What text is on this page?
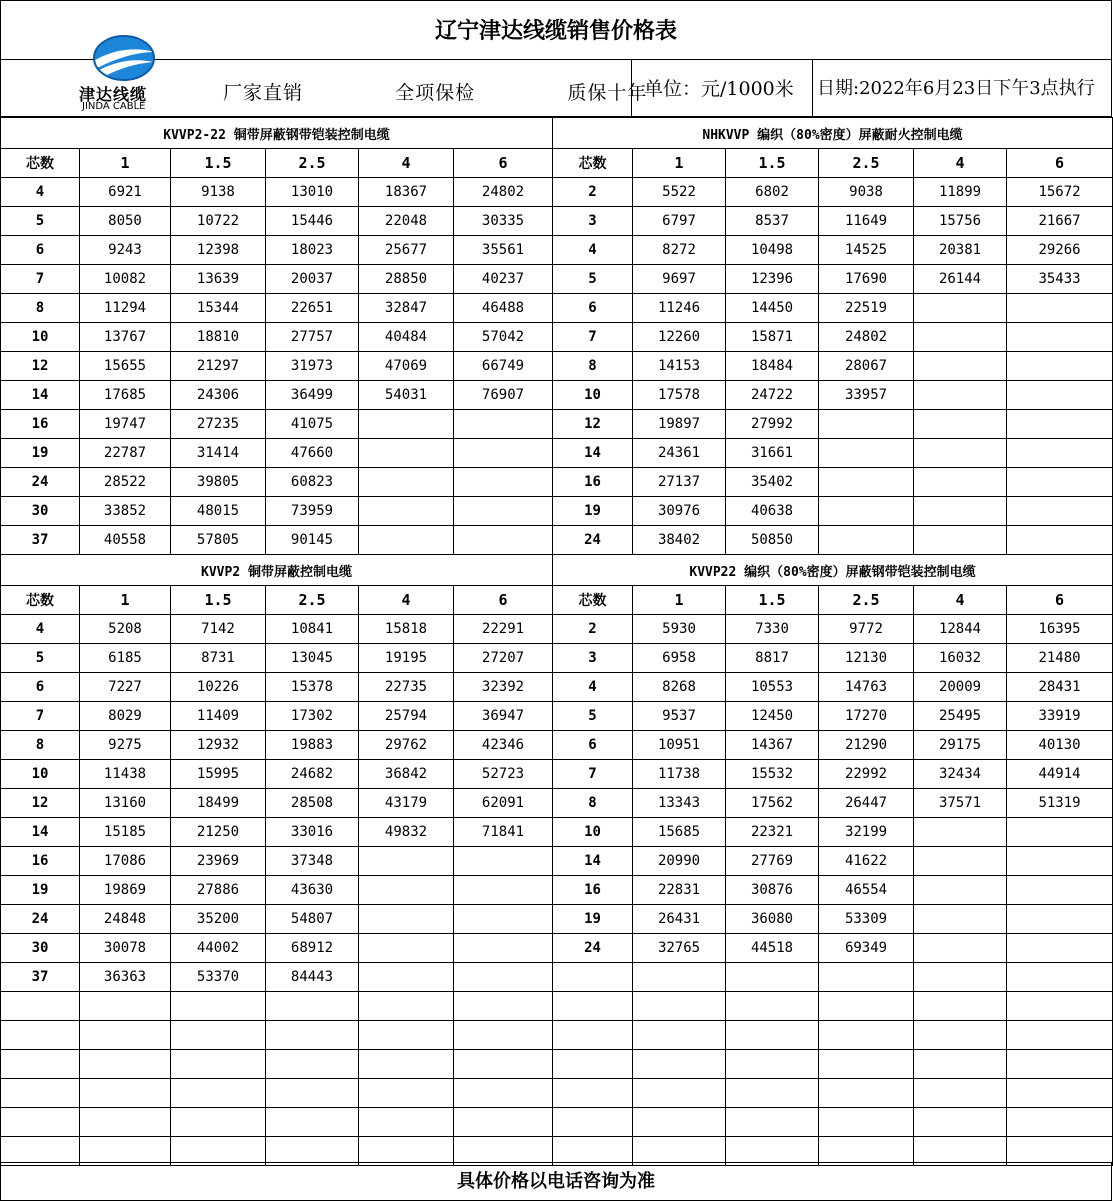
辽宁津达线缆销售价格表
津达线缆
JINDA CABLE
厂家直销    全项保检    质保十年
单位：元/1000米	日期:2022年6月23日下午3点执行
KVVP2-22 铜带屏蔽钢带铠装控制电缆						NHKVVP 编织（80%密度）屏蔽耐火控制电缆					
芯数	1	1.5	2.5	4	6	芯数	1	1.5	2.5	4	6
4	6921	9138	13010	18367	24802	2	5522	6802	9038	11899	15672
5	8050	10722	15446	22048	30335	3	6797	8537	11649	15756	21667
6	9243	12398	18023	25677	35561	4	8272	10498	14525	20381	29266
7	10082	13639	20037	28850	40237	5	9697	12396	17690	26144	35433
8	11294	15344	22651	32847	46488	6	11246	14450	22519		
10	13767	18810	27757	40484	57042	7	12260	15871	24802		
12	15655	21297	31973	47069	66749	8	14153	18484	28067		
14	17685	24306	36499	54031	76907	10	17578	24722	33957		
16	19747	27235	41075			12	19897	27992			
19	22787	31414	47660			14	24361	31661			
24	28522	39805	60823			16	27137	35402			
30	33852	48015	73959			19	30976	40638			
37	40558	57805	90145			24	38402	50850			
KVVP2 铜带屏蔽控制电缆						KVVP22 编织（80%密度）屏蔽钢带铠装控制电缆					
芯数	1	1.5	2.5	4	6	芯数	1	1.5	2.5	4	6
4	5208	7142	10841	15818	22291	2	5930	7330	9772	12844	16395
5	6185	8731	13045	19195	27207	3	6958	8817	12130	16032	21480
6	7227	10226	15378	22735	32392	4	8268	10553	14763	20009	28431
7	8029	11409	17302	25794	36947	5	9537	12450	17270	25495	33919
8	9275	12932	19883	29762	42346	6	10951	14367	21290	29175	40130
10	11438	15995	24682	36842	52723	7	11738	15532	22992	32434	44914
12	13160	18499	28508	43179	62091	8	13343	17562	26447	37571	51319
14	15185	21250	33016	49832	71841	10	15685	22321	32199		
16	17086	23969	37348			14	20990	27769	41622		
19	19869	27886	43630			16	22831	30876	46554		
24	24848	35200	54807			19	26431	36080	53309		
30	30078	44002	68912			24	32765	44518	69349		
37	36363	53370	84443								

具体价格以电话咨询为准
